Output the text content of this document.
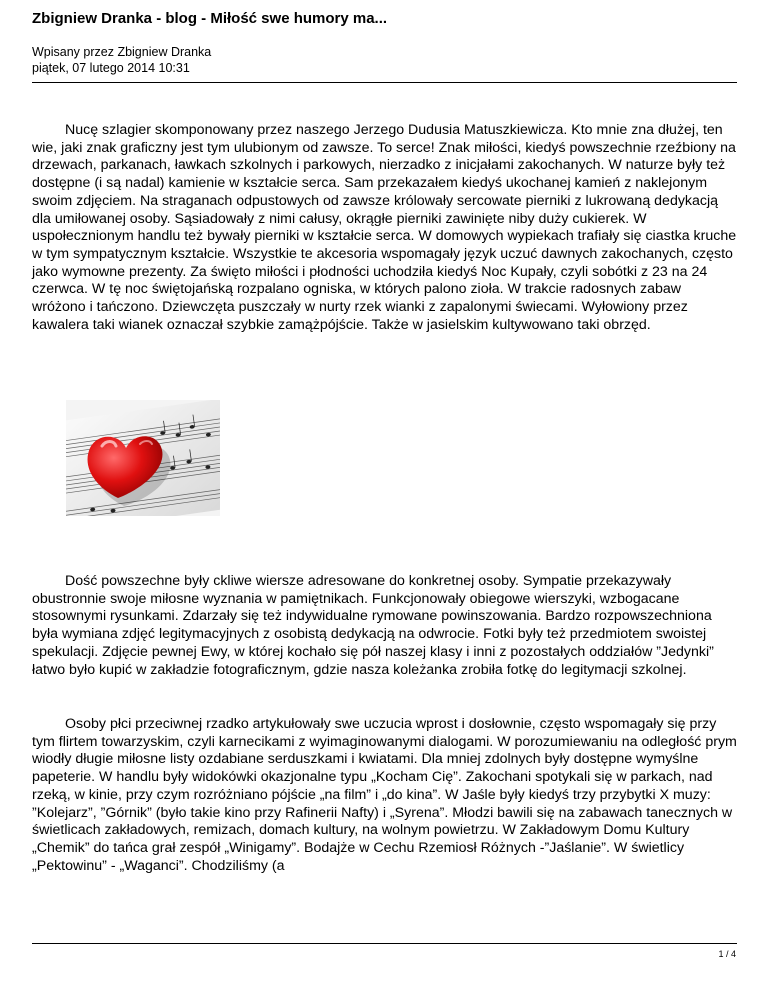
Zbigniew Dranka - blog - Miłość swe humory ma...
Wpisany przez Zbigniew Dranka
piątek, 07 lutego 2014 10:31
Nucę szlagier skomponowany przez naszego Jerzego Dudusia Matuszkiewicza. Kto mnie zna dłużej, ten wie, jaki znak graficzny jest tym ulubionym od zawsze. To serce! Znak miłości, kiedyś powszechnie rzeźbiony na drzewach, parkanach, ławkach szkolnych i parkowych, nierzadko z inicjałami zakochanych. W naturze były też dostępne (i są nadal) kamienie w kształcie serca. Sam przekazałem kiedyś ukochanej kamień z naklejonym swoim zdjęciem. Na straganach odpustowych od zawsze królowały sercowate pierniki z lukrowaną dedykacją dla umiłowanej osoby. Sąsiadowały z nimi całusy, okrągłe pierniki zawinięte niby duży cukierek. W uspołecznionym handlu też bywały pierniki w kształcie serca. W domowych wypiekach trafiały się ciastka kruche w tym sympatycznym kształcie. Wszystkie te akcesoria wspomagały język uczuć dawnych zakochanych, często jako wymowne prezenty. Za święto miłości i płodności uchodziła kiedyś Noc Kupały, czyli sobótki z 23 na 24 czerwca. W tę noc świętojańską rozpalano ogniska, w których palono zioła. W trakcie radosnych zabaw wróżono i tańczono. Dziewczęta puszczały w nurty rzek wianki z zapalonymi świecami. Wyłowiony przez kawalera taki wianek oznaczał szybkie zamążpójście. Także w jasielskim kultywowano taki obrzęd.
Dość powszechne były ckliwe wiersze adresowane do konkretnej osoby. Sympatie przekazywały obustronnie swoje miłosne wyznania w pamiętnikach. Funkcjonowały obiegowe wierszyki, wzbogacane stosownymi rysunkami. Zdarzały się też indywidualne rymowane powinszowania. Bardzo rozpowszechniona była wymiana zdjęć legitymacyjnych z osobistą dedykacją na odwrocie. Fotki były też przedmiotem swoistej spekulacji. Zdjęcie pewnej Ewy, w której kochało się pół naszej klasy i inni z pozostałych oddziałów ”Jedynki” łatwo było kupić w zakładzie fotograficznym, gdzie nasza koleżanka zrobiła fotkę do legitymacji szkolnej.
Osoby płci przeciwnej rzadko artykułowały swe uczucia wprost i dosłownie, często wspomagały się przy tym flirtem towarzyskim, czyli karnecikami z wyimaginowanymi dialogami. W porozumiewaniu na odległość prym wiodły długie miłosne listy ozdabiane serduszkami i kwiatami. Dla mniej zdolnych były dostępne wymyślne papeterie. W handlu były widokówki okazjonalne typu „Kocham Cię”. Zakochani spotykali się w parkach, nad rzeką, w kinie, przy czym rozróżniano pójście „na film” i „do kina”. W Jaśle były kiedyś trzy przybytki X muzy: ”Kolejarz”, ”Górnik” (było takie kino przy Rafinerii Nafty) i „Syrena”. Młodzi bawili się na zabawach tanecznych w świetlicach zakładowych, remizach, domach kultury, na wolnym powietrzu. W Zakładowym Domu Kultury „Chemik” do tańca grał zespół „Winigamy”. Bodajże w Cechu Rzemiosł Różnych -”Jaślanie”. W świetlicy „Pektowinu” - „Waganci”. Chodziliśmy (a
1 / 4
